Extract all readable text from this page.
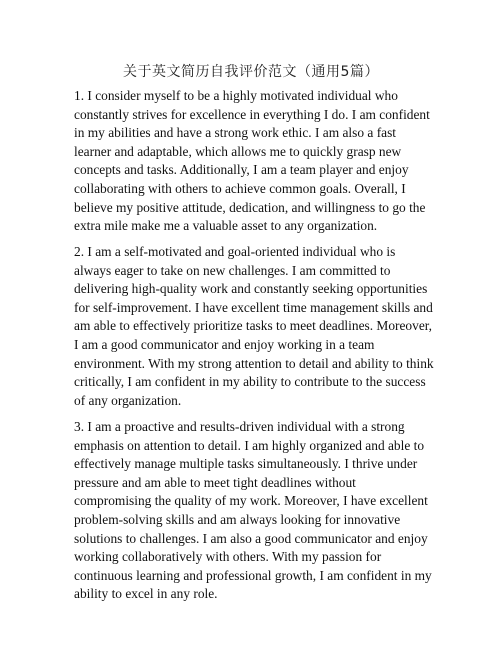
关于英文简历自我评价范文（通用5篇）
1. I consider myself to be a highly motivated individual who
constantly strives for excellence in everything I do. I am confident
in my abilities and have a strong work ethic. I am also a fast
learner and adaptable, which allows me to quickly grasp new
concepts and tasks. Additionally, I am a team player and enjoy
collaborating with others to achieve common goals. Overall, I
believe my positive attitude, dedication, and willingness to go the
extra mile make me a valuable asset to any organization.
2. I am a self-motivated and goal-oriented individual who is
always eager to take on new challenges. I am committed to
delivering high-quality work and constantly seeking opportunities
for self-improvement. I have excellent time management skills and
am able to effectively prioritize tasks to meet deadlines. Moreover,
I am a good communicator and enjoy working in a team
environment. With my strong attention to detail and ability to think
critically, I am confident in my ability to contribute to the success
of any organization.
3. I am a proactive and results-driven individual with a strong
emphasis on attention to detail. I am highly organized and able to
effectively manage multiple tasks simultaneously. I thrive under
pressure and am able to meet tight deadlines without
compromising the quality of my work. Moreover, I have excellent
problem-solving skills and am always looking for innovative
solutions to challenges. I am also a good communicator and enjoy
working collaboratively with others. With my passion for
continuous learning and professional growth, I am confident in my
ability to excel in any role.
